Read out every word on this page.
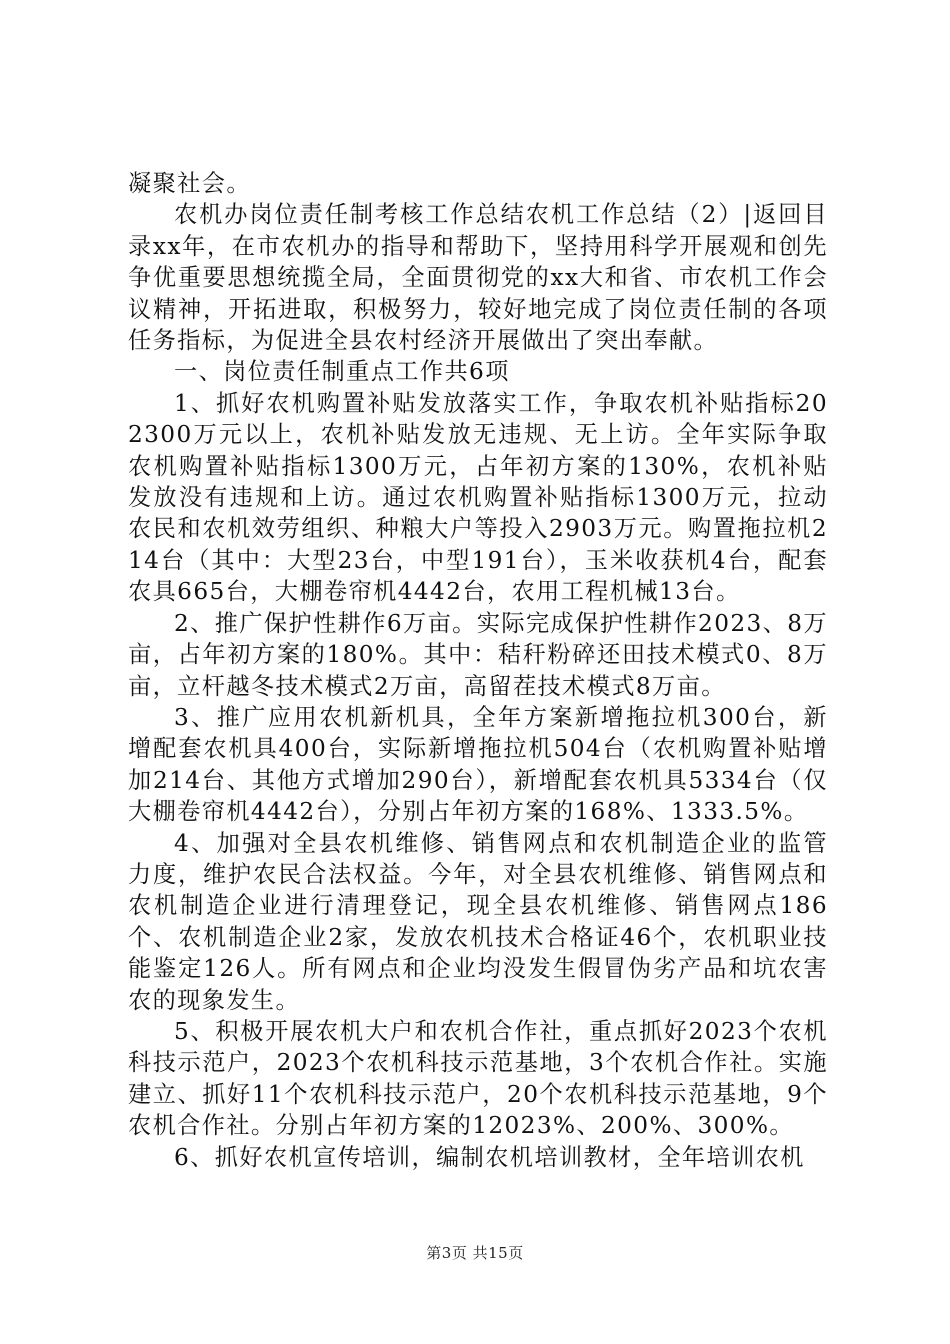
凝聚社会。

农机办岗位责任制考核工作总结农机工作总结（2）|返回目录xx年，在市农机办的指导和帮助下，坚持用科学开展观和创先争优重要思想统揽全局，全面贯彻党的xx大和省、市农机工作会议精神，开拓进取，积极努力，较好地完成了岗位责任制的各项任务指标，为促进全县农村经济开展做出了突出奉献。

一、岗位责任制重点工作共6项

1、抓好农机购置补贴发放落实工作，争取农机补贴指标202300万元以上，农机补贴发放无违规、无上访。全年实际争取农机购置补贴指标1300万元，占年初方案的130%，农机补贴发放没有违规和上访。通过农机购置补贴指标1300万元，拉动农民和农机效劳组织、种粮大户等投入2903万元。购置拖拉机214台（其中：大型23台，中型191台），玉米收获机4台，配套农具665台，大棚卷帘机4442台，农用工程机械13台。

2、推广保护性耕作6万亩。实际完成保护性耕作2023、8万亩，占年初方案的180%。其中：秸秆粉碎还田技术模式0、8万亩，立杆越冬技术模式2万亩，高留茬技术模式8万亩。

3、推广应用农机新机具，全年方案新增拖拉机300台，新增配套农机具400台，实际新增拖拉机504台（农机购置补贴增加214台、其他方式增加290台），新增配套农机具5334台（仅大棚卷帘机4442台），分别占年初方案的168%、1333.5%。

4、加强对全县农机维修、销售网点和农机制造企业的监管力度，维护农民合法权益。今年，对全县农机维修、销售网点和农机制造企业进行清理登记，现全县农机维修、销售网点186个、农机制造企业2家，发放农机技术合格证46个，农机职业技能鉴定126人。所有网点和企业均没发生假冒伪劣产品和坑农害农的现象发生。

5、积极开展农机大户和农机合作社，重点抓好2023个农机科技示范户，2023个农机科技示范基地，3个农机合作社。实施建立、抓好11个农机科技示范户，20个农机科技示范基地，9个农机合作社。分别占年初方案的12023%、200%、300%。

6、抓好农机宣传培训，编制农机培训教材，全年培训农机

第3页 共15页
